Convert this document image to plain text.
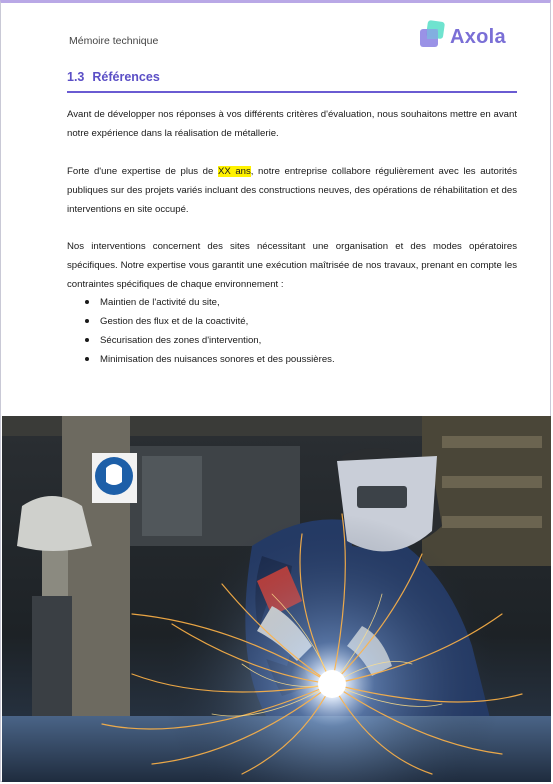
Mémoire technique	Axola
1.3 Références

Avant de développer nos réponses à vos différents critères d'évaluation, nous souhaitons mettre en avant notre expérience dans la réalisation de métallerie.

Forte d'une expertise de plus de XX ans, notre entreprise collabore régulièrement avec les autorités publiques sur des projets variés incluant des constructions neuves, des opérations de réhabilitation et des interventions en site occupé.

Nos interventions concernent des sites nécessitant une organisation et des modes opératoires spécifiques. Notre expertise vous garantit une exécution maîtrisée de nos travaux, prenant en compte les contraintes spécifiques de chaque environnement :

Maintien de l'activité du site,
Gestion des flux et de la coactivité,
Sécurisation des zones d'intervention,
Minimisation des nuisances sonores et des poussières.
